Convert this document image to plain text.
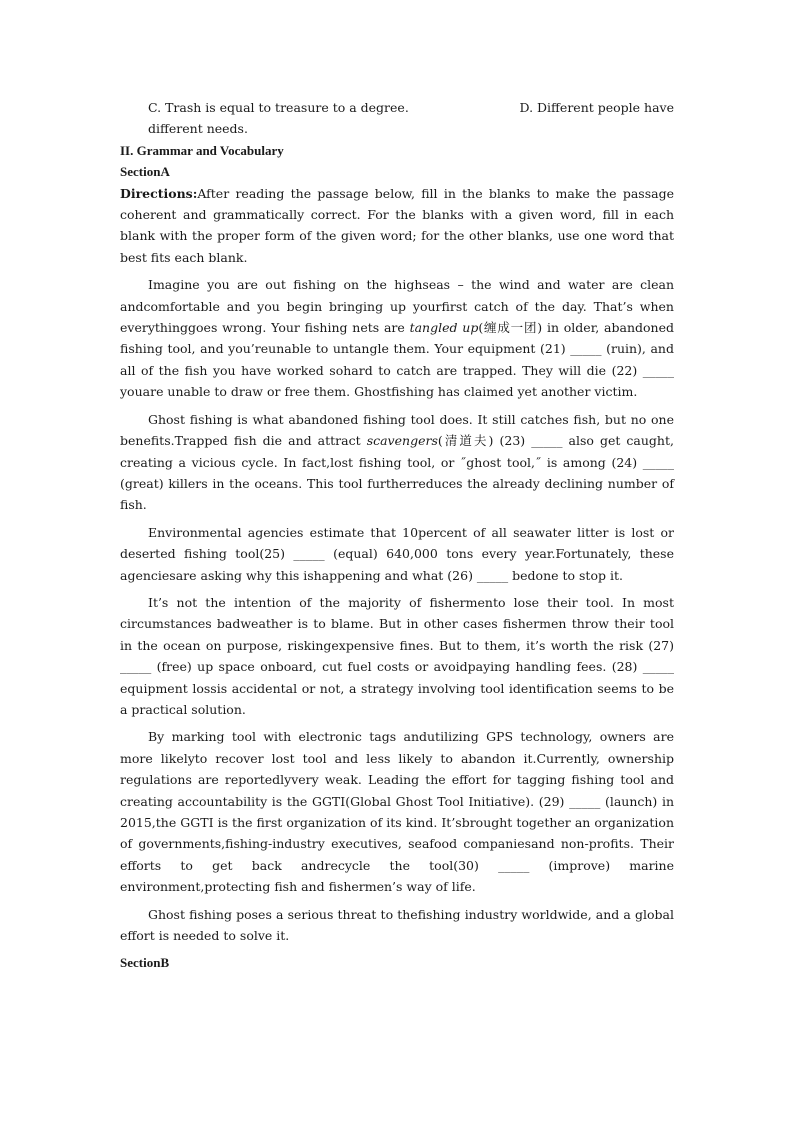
C. Trash is equal to treasure to a degree.	D. Different people have
different needs.
II. Grammar and Vocabulary
SectionA
Directions:After reading the passage below, fill in the blanks to make the passage coherent and grammatically correct. For the blanks with a given word, fill in each blank with the proper form of the given word; for the other blanks, use one word that best fits each blank.
Imagine you are out fishing on the highseas – the wind and water are clean andcomfortable and you begin bringing up yourfirst catch of the day. That’s when everythinggoes wrong. Your fishing nets are tangled up(缠成一团) in older, abandoned fishing tool, and you’reunable to untangle them. Your equipment (21) _____ (ruin), and all of the fish you have worked sohard to catch are trapped. They will die (22) _____ youare unable to draw or free them. Ghostfishing has claimed yet another victim.
Ghost fishing is what abandoned fishing tool does. It still catches fish, but no one benefits.Trapped fish die and attract scavengers(清道夫) (23) _____ also get caught, creating a vicious cycle. In fact,lost fishing tool, or ˝ghost tool,˝ is among (24) _____ (great) killers in the oceans. This tool furtherreduces the already declining number of fish.
Environmental agencies estimate that 10percent of all seawater litter is lost or deserted fishing tool(25) _____ (equal) 640,000 tons every year.Fortunately, these agenciesare asking why this ishappening and what (26) _____ bedone to stop it.
It’s not the intention of the majority of fishermento lose their tool. In most circumstances badweather is to blame. But in other cases fishermen throw their tool in the ocean on purpose, riskingexpensive fines. But to them, it’s worth the risk (27) _____ (free) up space onboard, cut fuel costs or avoidpaying handling fees. (28) _____ equipment lossis accidental or not, a strategy involving tool identification seems to be a practical solution.
By marking tool with electronic tags andutilizing GPS technology, owners are more likelyto recover lost tool and less likely to abandon it.Currently, ownership regulations are reportedlyvery weak. Leading the effort for tagging fishing tool and creating accountability is the GGTI(Global Ghost Tool Initiative). (29) _____ (launch) in 2015,the GGTI is the first organization of its kind. It’sbrought together an organization of governments,fishing-industry executives, seafood companiesand non-profits. Their efforts to get back andrecycle the tool(30) _____ (improve) marine environment,protecting fish and fishermen’s way of life.
Ghost fishing poses a serious threat to thefishing industry worldwide, and a global effort is needed to solve it.
SectionB
